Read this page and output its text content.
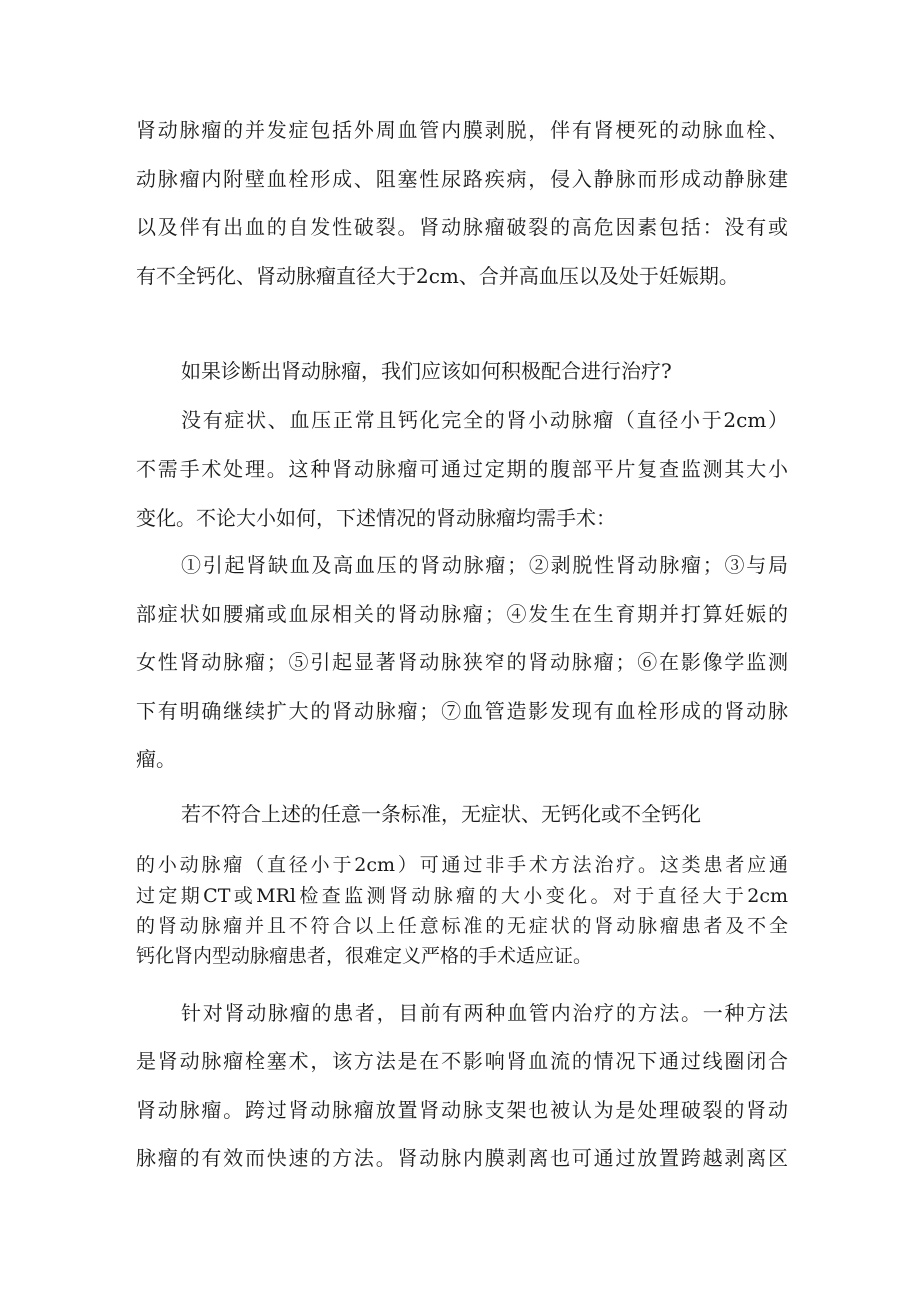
肾动脉瘤的并发症包括外周血管内膜剥脱，伴有肾梗死的动脉血栓、

动脉瘤内附壁血栓形成、阻塞性尿路疾病，侵入静脉而形成动静脉建

以及伴有出血的自发性破裂。肾动脉瘤破裂的高危因素包括：没有或

有不全钙化、肾动脉瘤直径大于2cm、合并高血压以及处于妊娠期。

如果诊断出肾动脉瘤，我们应该如何积极配合进行治疗?

没有症状、血压正常且钙化完全的肾小动脉瘤（直径小于2cm）

不需手术处理。这种肾动脉瘤可通过定期的腹部平片复查监测其大小

变化。不论大小如何，下述情况的肾动脉瘤均需手术：

①引起肾缺血及高血压的肾动脉瘤；②剥脱性肾动脉瘤；③与局

部症状如腰痛或血尿相关的肾动脉瘤；④发生在生育期并打算妊娠的

女性肾动脉瘤；⑤引起显著肾动脉狭窄的肾动脉瘤；⑥在影像学监测

下有明确继续扩大的肾动脉瘤；⑦血管造影发现有血栓形成的肾动脉

瘤。

若不符合上述的任意一条标准，无症状、无钙化或不全钙化

的小动脉瘤（直径小于2cm）可通过非手术方法治疗。这类患者应通

过定期CT或MRl检查监测肾动脉瘤的大小变化。对于直径大于2cm

的肾动脉瘤并且不符合以上任意标准的无症状的肾动脉瘤患者及不全

钙化肾内型动脉瘤患者，很难定义严格的手术适应证。

针对肾动脉瘤的患者，目前有两种血管内治疗的方法。一种方法

是肾动脉瘤栓塞术，该方法是在不影响肾血流的情况下通过线圈闭合

肾动脉瘤。跨过肾动脉瘤放置肾动脉支架也被认为是处理破裂的肾动

脉瘤的有效而快速的方法。肾动脉内膜剥离也可通过放置跨越剥离区
